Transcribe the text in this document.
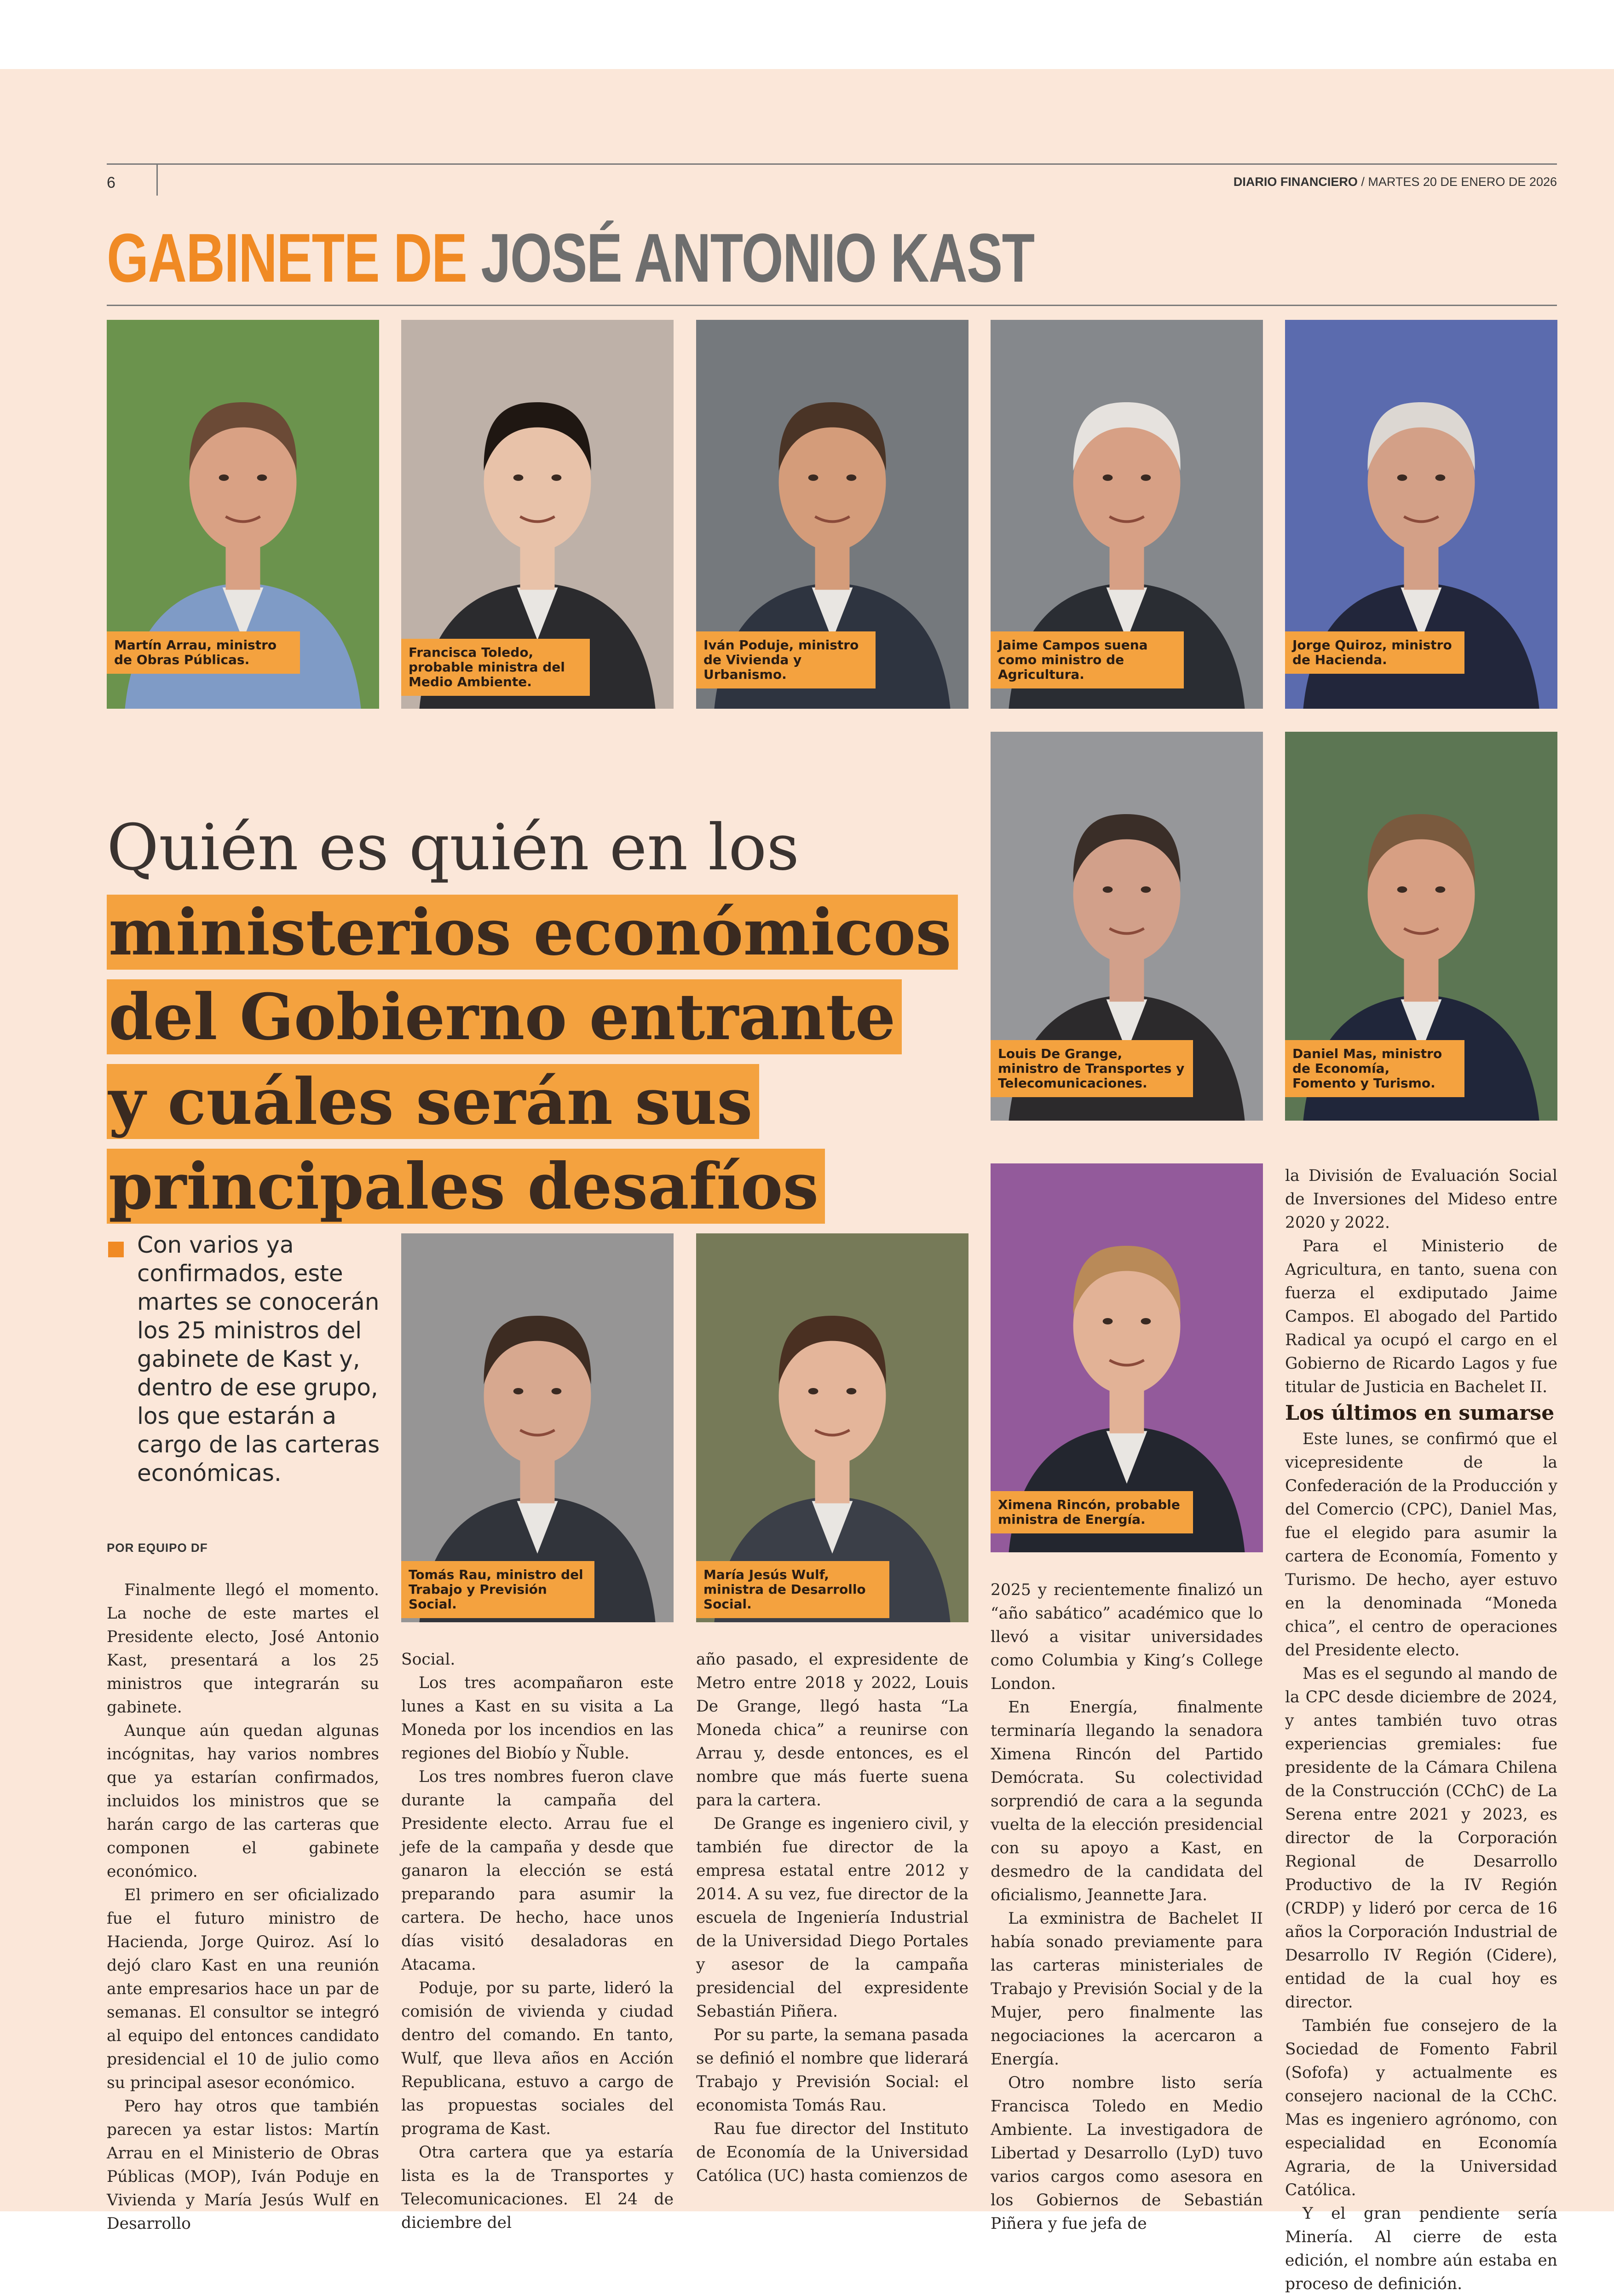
6	DIARIO FINANCIERO / MARTES 20 DE ENERO DE 2026
GABINETE DE JOSÉ ANTONIO KAST
Martín Arrau, ministro de Obras Públicas.	Francisca Toledo, probable ministra del Medio Ambiente.
Iván Poduje, ministro de Vivienda y Urbanismo.
Jaime Campos suena como ministro de Agricultura.
Jorge Quiroz, ministro de Hacienda.
Louis De Grange, ministro de Transportes y Telecomunicaciones.
Daniel Mas, ministro de Economía, Fomento y Turismo.
Tomás Rau, ministro del Trabajo y Previsión Social.
María Jesús Wulf, ministra de Desarrollo Social.
Ximena Rincón, probable ministra de Energía.
Quién es quién en los
ministerios económicos
del Gobierno entrante
y cuáles serán sus
principales desafíos
Con varios ya
confirmados, este
martes se conocerán
los 25 ministros del
gabinete de Kast y,
dentro de ese grupo,
los que estarán a
cargo de las carteras
económicas.
POR EQUIPO DF

Finalmente llegó el momento. La noche de este martes el Presidente electo, José Antonio Kast, presentará a los 25 ministros que integrarán su gabinete.

Aunque aún quedan algunas incógnitas, hay varios nombres que ya estarían confirmados, incluidos los ministros que se harán cargo de las carteras que componen el gabinete económico.

El primero en ser oficializado fue el futuro ministro de Hacienda, Jorge Quiroz. Así lo dejó claro Kast en una reunión ante empresarios hace un par de semanas. El consultor se integró al equipo del entonces candidato presidencial el 10 de julio como su principal asesor económico.

Pero hay otros que también parecen ya estar listos: Martín Arrau en el Ministerio de Obras Públicas (MOP), Iván Poduje en Vivienda y María Jesús Wulf en Desarrollo

Social.

Los tres acompañaron este lunes a Kast en su visita a La Moneda por los incendios en las regiones del Biobío y Ñuble.

Los tres nombres fueron clave durante la campaña del Presidente electo. Arrau fue el jefe de la campaña y desde que ganaron la elección se está preparando para asumir la cartera. De hecho, hace unos días visitó desaladoras en Atacama.

Poduje, por su parte, lideró la comisión de vivienda y ciudad dentro del comando. En tanto, Wulf, que lleva años en Acción Republicana, estuvo a cargo de las propuestas sociales del programa de Kast.

Otra cartera que ya estaría lista es la de Transportes y Telecomunicaciones. El 24 de diciembre del

año pasado, el expresidente de Metro entre 2018 y 2022, Louis De Grange, llegó hasta “La Moneda chica” a reunirse con Arrau y, desde entonces, es el nombre que más fuerte suena para la cartera.

De Grange es ingeniero civil, y también fue director de la empresa estatal entre 2012 y 2014. A su vez, fue director de la escuela de Ingeniería Industrial de la Universidad Diego Portales y asesor de la campaña presidencial del expresidente Sebastián Piñera.

Por su parte, la semana pasada se definió el nombre que liderará Trabajo y Previsión Social: el economista Tomás Rau.

Rau fue director del Instituto de Economía de la Universidad Católica (UC) hasta comienzos de

2025 y recientemente finalizó un “año sabático” académico que lo llevó a visitar universidades como Columbia y King’s College London.

En Energía, finalmente terminaría llegando la senadora Ximena Rincón del Partido Demócrata. Su colectividad sorprendió de cara a la segunda vuelta de la elección presidencial con su apoyo a Kast, en desmedro de la candidata del oficialismo, Jeannette Jara.

La exministra de Bachelet II había sonado previamente para las carteras ministeriales de Trabajo y Previsión Social y de la Mujer, pero finalmente las negociaciones la acercaron a Energía.

Otro nombre listo sería Francisca Toledo en Medio Ambiente. La investigadora de Libertad y Desarrollo (LyD) tuvo varios cargos como asesora en los Gobiernos de Sebastián Piñera y fue jefa de

la División de Evaluación Social de Inversiones del Mideso entre 2020 y 2022.

Para el Ministerio de Agricultura, en tanto, suena con fuerza el exdiputado Jaime Campos. El abogado del Partido Radical ya ocupó el cargo en el Gobierno de Ricardo Lagos y fue titular de Justicia en Bachelet II.

Los últimos en sumarse

Este lunes, se confirmó que el vicepresidente de la Confederación de la Producción y del Comercio (CPC), Daniel Mas, fue el elegido para asumir la cartera de Economía, Fomento y Turismo. De hecho, ayer estuvo en la denominada “Moneda chica”, el centro de operaciones del Presidente electo.

Mas es el segundo al mando de la CPC desde diciembre de 2024, y antes también tuvo otras experiencias gremiales: fue presidente de la Cámara Chilena de la Construcción (CChC) de La Serena entre 2021 y 2023, es director de la Corporación Regional de Desarrollo Productivo de la IV Región (CRDP) y lideró por cerca de 16 años la Corporación Industrial de Desarrollo IV Región (Cidere), entidad de la cual hoy es director.

También fue consejero de la Sociedad de Fomento Fabril (Sofofa) y actualmente es consejero nacional de la CChC. Mas es ingeniero agrónomo, con especialidad en Economía Agraria, de la Universidad Católica.

Y el gran pendiente sería Minería. Al cierre de esta edición, el nombre aún estaba en proceso de definición.
